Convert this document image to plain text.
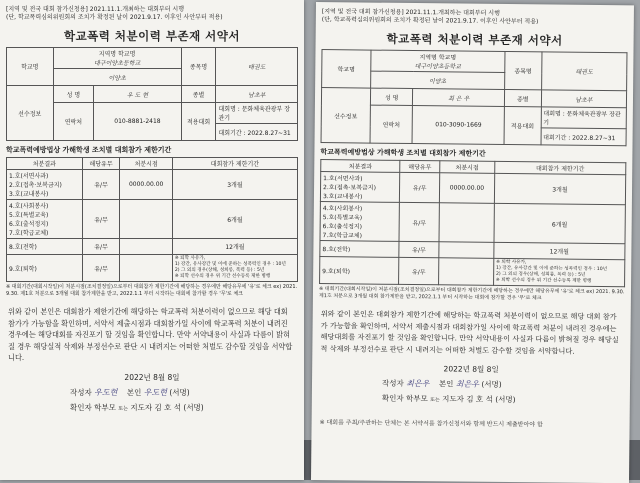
[지역 및 전국 대회 참가신청용] 2021.11.1.개최하는 대회부터 시행
(단, 학교폭력심의위원회의 조치가 확정된 날이 2021.9.17. 이후인 사안부터 적용)
학교폭력 처분이력 부존재 서약서
학교명	지역명 학교명
대구이양초등학교		종목명	태권도
	이양초			
선수정보	성 명	우 도 현	종별	남초부
	연락처	010-8881-2418	적용대회	대회명 : 문화체육관광부 장관기
				대회기간 : 2022.8.27~31
학교폭력예방법상 가해학생 조치별 대회참가 제한기간
처분결과	해당유무	처분시점	대회참가 제한기간
1.호(서면사과)
2.호(접촉·보복금지)
3.호(교내봉사)	유/무	0000.00.00	3개월
4.호(사회봉사)
5.호(특별교육)
6.호(출석정지)
7.호(학급교체)	유/무		6개월
8.호(전학)	유/무		12개월
9.호(퇴학)	유/무		※ 퇴학 사유가,
1) 강간, 유사강간 및 이에 준하는 성폭력인 경우 : 10년
2) 그 외의 경우(상해, 성희롱, 폭력 등) : 5년
※ 퇴학 선수의 경우 위 기간 선수등록 제한 병행
※ 대회기간(대회시작일)이 처분시점(조치결정일)으로부터 대회참가 제한기간에 해당하는 경우에만 해당유무에 '유'로 체크 ex) 2021. 9.30. 제1호 처분으로 3개월 대회 참가제한을 받고, 2022.1.1 부터 시작하는 대회에 참가할 경우 '무'로 체크
위와 같이 본인은 대회참가 제한기간에 해당하는 학교폭력 처분이력이 없으므로 해당 대회 참가가 가능함을 확인하며, 서약서 제출시점과 대회참가일 사이에 학교폭력 처분이 내려진 경우에는 해당대회를 자진포기 할 것임을 확인합니다. 만약 서약내용이 사실과 다름이 밝혀질 경우 해당실적 삭제와 부정선수로 판단 시 내려지는 어떠한 처벌도 감수할 것임을 서약합니다.
2022년 8월 8일
작성자 우도현 본인 우도현 (서명)
확인자 학부모 또는 지도자 김 호 석 (서명)
[지역 및 전국 대회 참가신청용] 2021.11.1.개최하는 대회부터 시행
(단, 학교폭력심의위원회의 조치가 확정된 날이 2021.9.17. 이후인 사안부터 적용)
학교폭력 처분이력 부존재 서약서
학교명	지역명 학교명
대구이양초등학교		종목명	태권도
	이양초			
선수정보	성 명	최 은 우	종별	남초부
	연락처	010-3090-1669	적용대회	대회명 : 문화체육관광부 장관기
				대회기간 : 2022.8.27~31
학교폭력예방법상 가해학생 조치별 대회참가 제한기간
처분결과	해당유무	처분시점	대회참가 제한기간
1.호(서면사과)
2.호(접촉·보복금지)
3.호(교내봉사)	유/무	0000.00.00	3개월
4.호(사회봉사)
5.호(특별교육)
6.호(출석정지)
7.호(학급교체)	유/무		6개월
8.호(전학)	유/무		12개월
9.호(퇴학)	유/무		※ 퇴학 사유가,
1) 강간, 유사강간 및 이에 준하는 성폭력인 경우 : 10년
2) 그 외의 경우(상해, 성희롱, 폭력 등) : 5년
※ 퇴학 선수의 경우 위 기간 선수등록 제한 병행
※ 대회기간(대회시작일)이 처분시점(조치결정일)으로부터 대회참가 제한기간에 해당하는 경우에만 해당유무에 '유'로 체크 ex) 2021. 9.30. 제1호 처분으로 3개월 대회 참가제한을 받고, 2022.1.1 부터 시작하는 대회에 참가할 경우 '무'로 체크
위와 같이 본인은 대회참가 제한기간에 해당하는 학교폭력 처분이력이 없으므로 해당 대회 참가가 가능함을 확인하며, 서약서 제출시점과 대회참가일 사이에 학교폭력 처분이 내려진 경우에는 해당대회를 자진포기 할 것임을 확인합니다. 만약 서약내용이 사실과 다름이 밝혀질 경우 해당실적 삭제와 부정선수로 판단 시 내려지는 어떠한 처벌도 감수할 것임을 서약합니다.
2022년 8월 8일
작성자 최은우 본인 최은우 (서명)
확인자 학부모 또는 지도자 김 호 석 (서명)
※ 대회를 주최/주관하는 단체는 본 서약서를 참가신청서와 함께 반드시 제출받아야 함
